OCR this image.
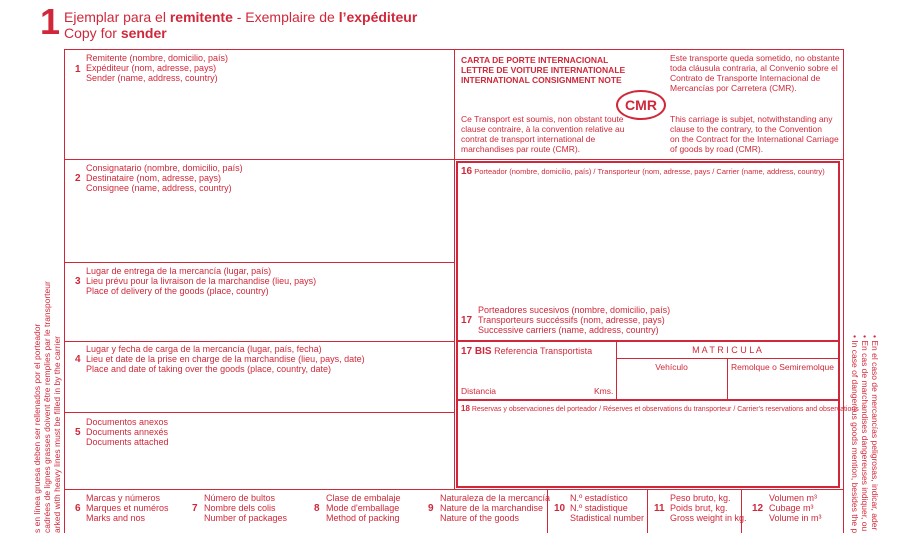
1 Ejemplar para el remitente - Exemplaire de l’expéditeur
Copy for sender
1
Remitente (nombre, domicilio, país)
Expéditeur (nom, adresse, pays)
Sender (name, address, country)
2
Consignatario (nombre, domicilio, país)
Destinataire (nom, adresse, pays)
Consignee (name, address, country)
3
Lugar de entrega de la mercancía (lugar, país)
Lieu prévu pour la livraison de la marchandise (lieu, pays)
Place of delivery of the goods (place, country)
4
Lugar y fecha de carga de la mercancía (lugar, país, fecha)
Lieu et date de la prise en charge de la marchandise (lieu, pays, date)
Place and date of taking over the goods (place, country, date)
5
Documentos anexos
Documents annexés
Documents attached
CARTA DE PORTE INTERNACIONAL
LETTRE DE VOITURE INTERNATIONALE
INTERNATIONAL CONSIGNMENT NOTE
CMR
Este transporte queda sometido, no obstante
toda cláusula contraria, al Convenio sobre el
Contrato de Transporte Internacional de
Mercancías por Carretera (CMR).
Ce Transport est soumis, non obstant toute
clause contraire, à la convention relative au
contrat de transport international de
marchandises par route (CMR).
This carriage is subjet, notwithstanding any
clause to the contrary, to the Convention
on the Contract for the International Carriage
of goods by road (CMR).
16 Porteador (nombre, domicilio, país) / Transporteur (nom, adresse, pays / Carrier (name, address, country)
17
Porteadores sucesivos (nombre, domicilio, país)
Transporteurs succéssifs (nom, adresse, pays)
Successive carriers (name, address, country)
17 BIS Referencia Transportista	M A T R I C U L A
Vehículo	Remolque o Semiremolque
Distancia	Kms.
18 Reservas y observaciones del porteador / Réserves et observations du transporteur / Carrier's reservations and observations
6
Marcas y números
Marques et numéros
Marks and nos
7
Número de bultos
Nombre dels colis
Number of packages
8
Clase de embalaje
Mode d'emballage
Method of packing
9
Naturaleza de la mercancía
Nature de la marchandise
Nature of the goods
10
N.º estadístico
N.º stadistique
Stadistical number
11
Peso bruto, kg.
Poids brut, kg.
Gross weight in kg.
12
Volumen m³
Cubage m³
Volume in m³
s en línea gruesa deben ser rellenados por el porteador cadrées de lignes grasses doivent être remplies par le transporteur arked with heavy lines must be filled in by the carrier	• En el caso de mercancías peligrosas, indicar, ader
• En cas de marchandises dangereuses indiquer, ou
• In case of dangerous goods mention, besides the p
